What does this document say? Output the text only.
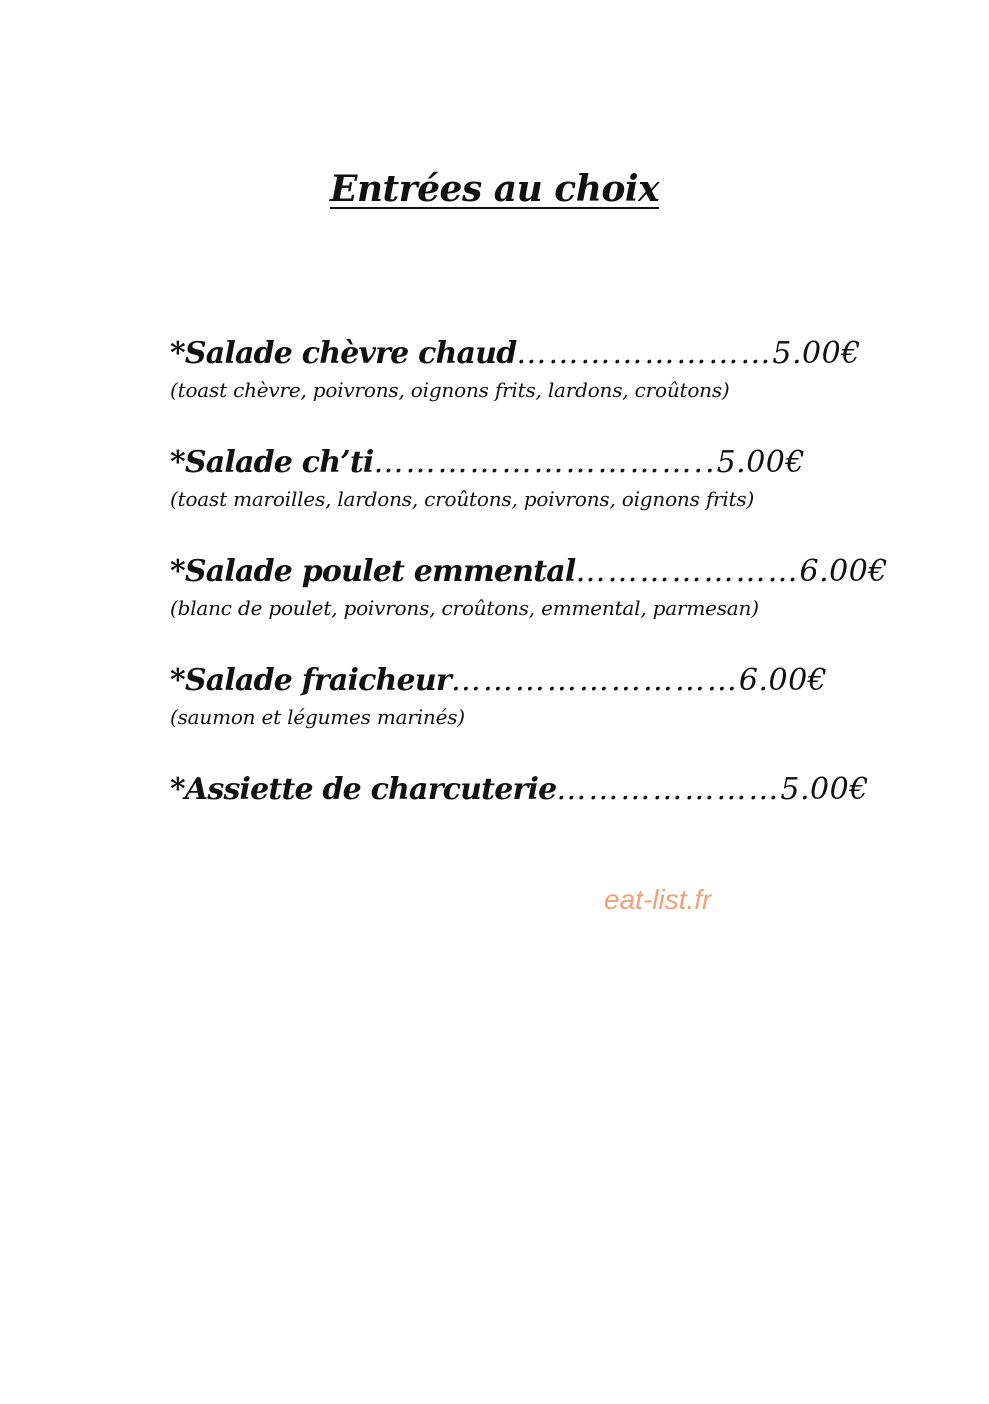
Entrées au choix
*Salade chèvre chaud……………………5.00€
(toast chèvre, poivrons, oignons frits, lardons, croûtons)
*Salade ch’ti…………………………..5.00€
(toast maroilles, lardons, croûtons, poivrons, oignons frits)
*Salade poulet emmental…………………6.00€
(blanc de poulet, poivrons, croûtons, emmental, parmesan)
*Salade fraicheur………………………6.00€
(saumon et légumes marinés)
*Assiette de charcuterie…………………5.00€
eat-list.fr
